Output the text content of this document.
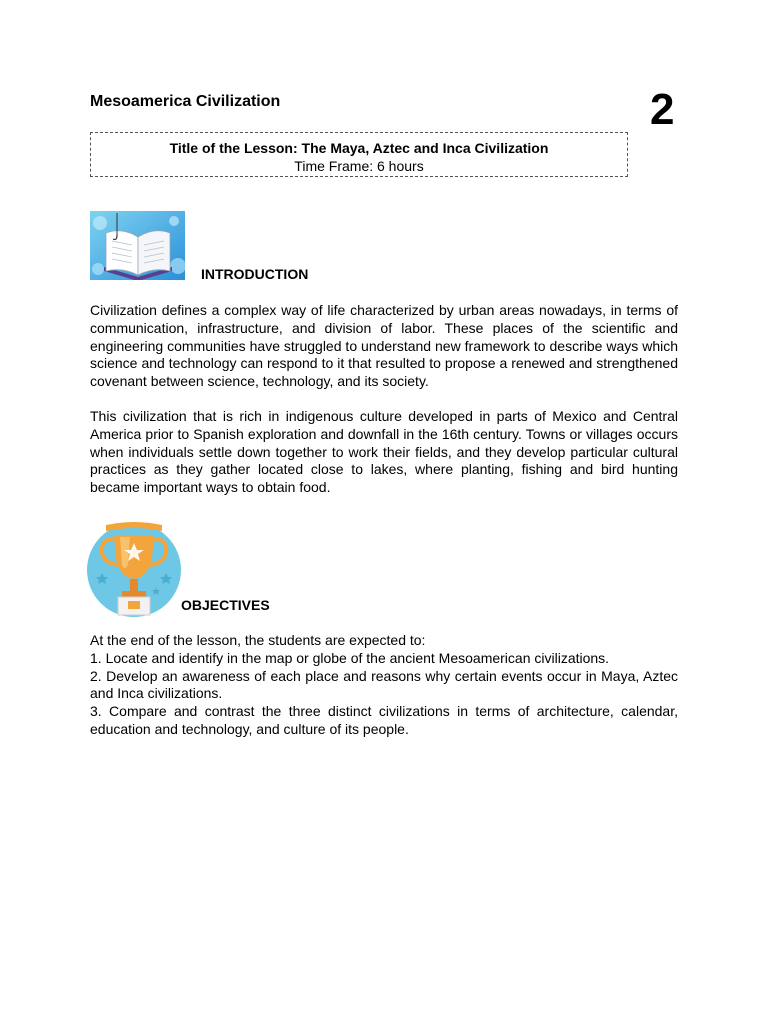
Mesoamerica Civilization	2
Title of the Lesson: The Maya, Aztec and Inca Civilization
Time Frame: 6 hours
INTRODUCTION

Civilization defines a complex way of life characterized by urban areas nowadays, in terms of communication, infrastructure, and division of labor. These places of the scientific and engineering communities have struggled to understand new framework to describe ways which science and technology can respond to it that resulted to propose a renewed and strengthened covenant between science, technology, and its society.

This civilization that is rich in indigenous culture developed in parts of Mexico and Central America prior to Spanish exploration and downfall in the 16th century. Towns or villages occurs when individuals settle down together to work their fields, and they develop particular cultural practices as they gather located close to lakes, where planting, fishing and bird hunting became important ways to obtain food.

OBJECTIVES
At the end of the lesson, the students are expected to:
1. Locate and identify in the map or globe of the ancient Mesoamerican civilizations.
2. Develop an awareness of each place and reasons why certain events occur in Maya, Aztec and Inca civilizations.
3. Compare and contrast the three distinct civilizations in terms of architecture, calendar, education and technology, and culture of its people.
